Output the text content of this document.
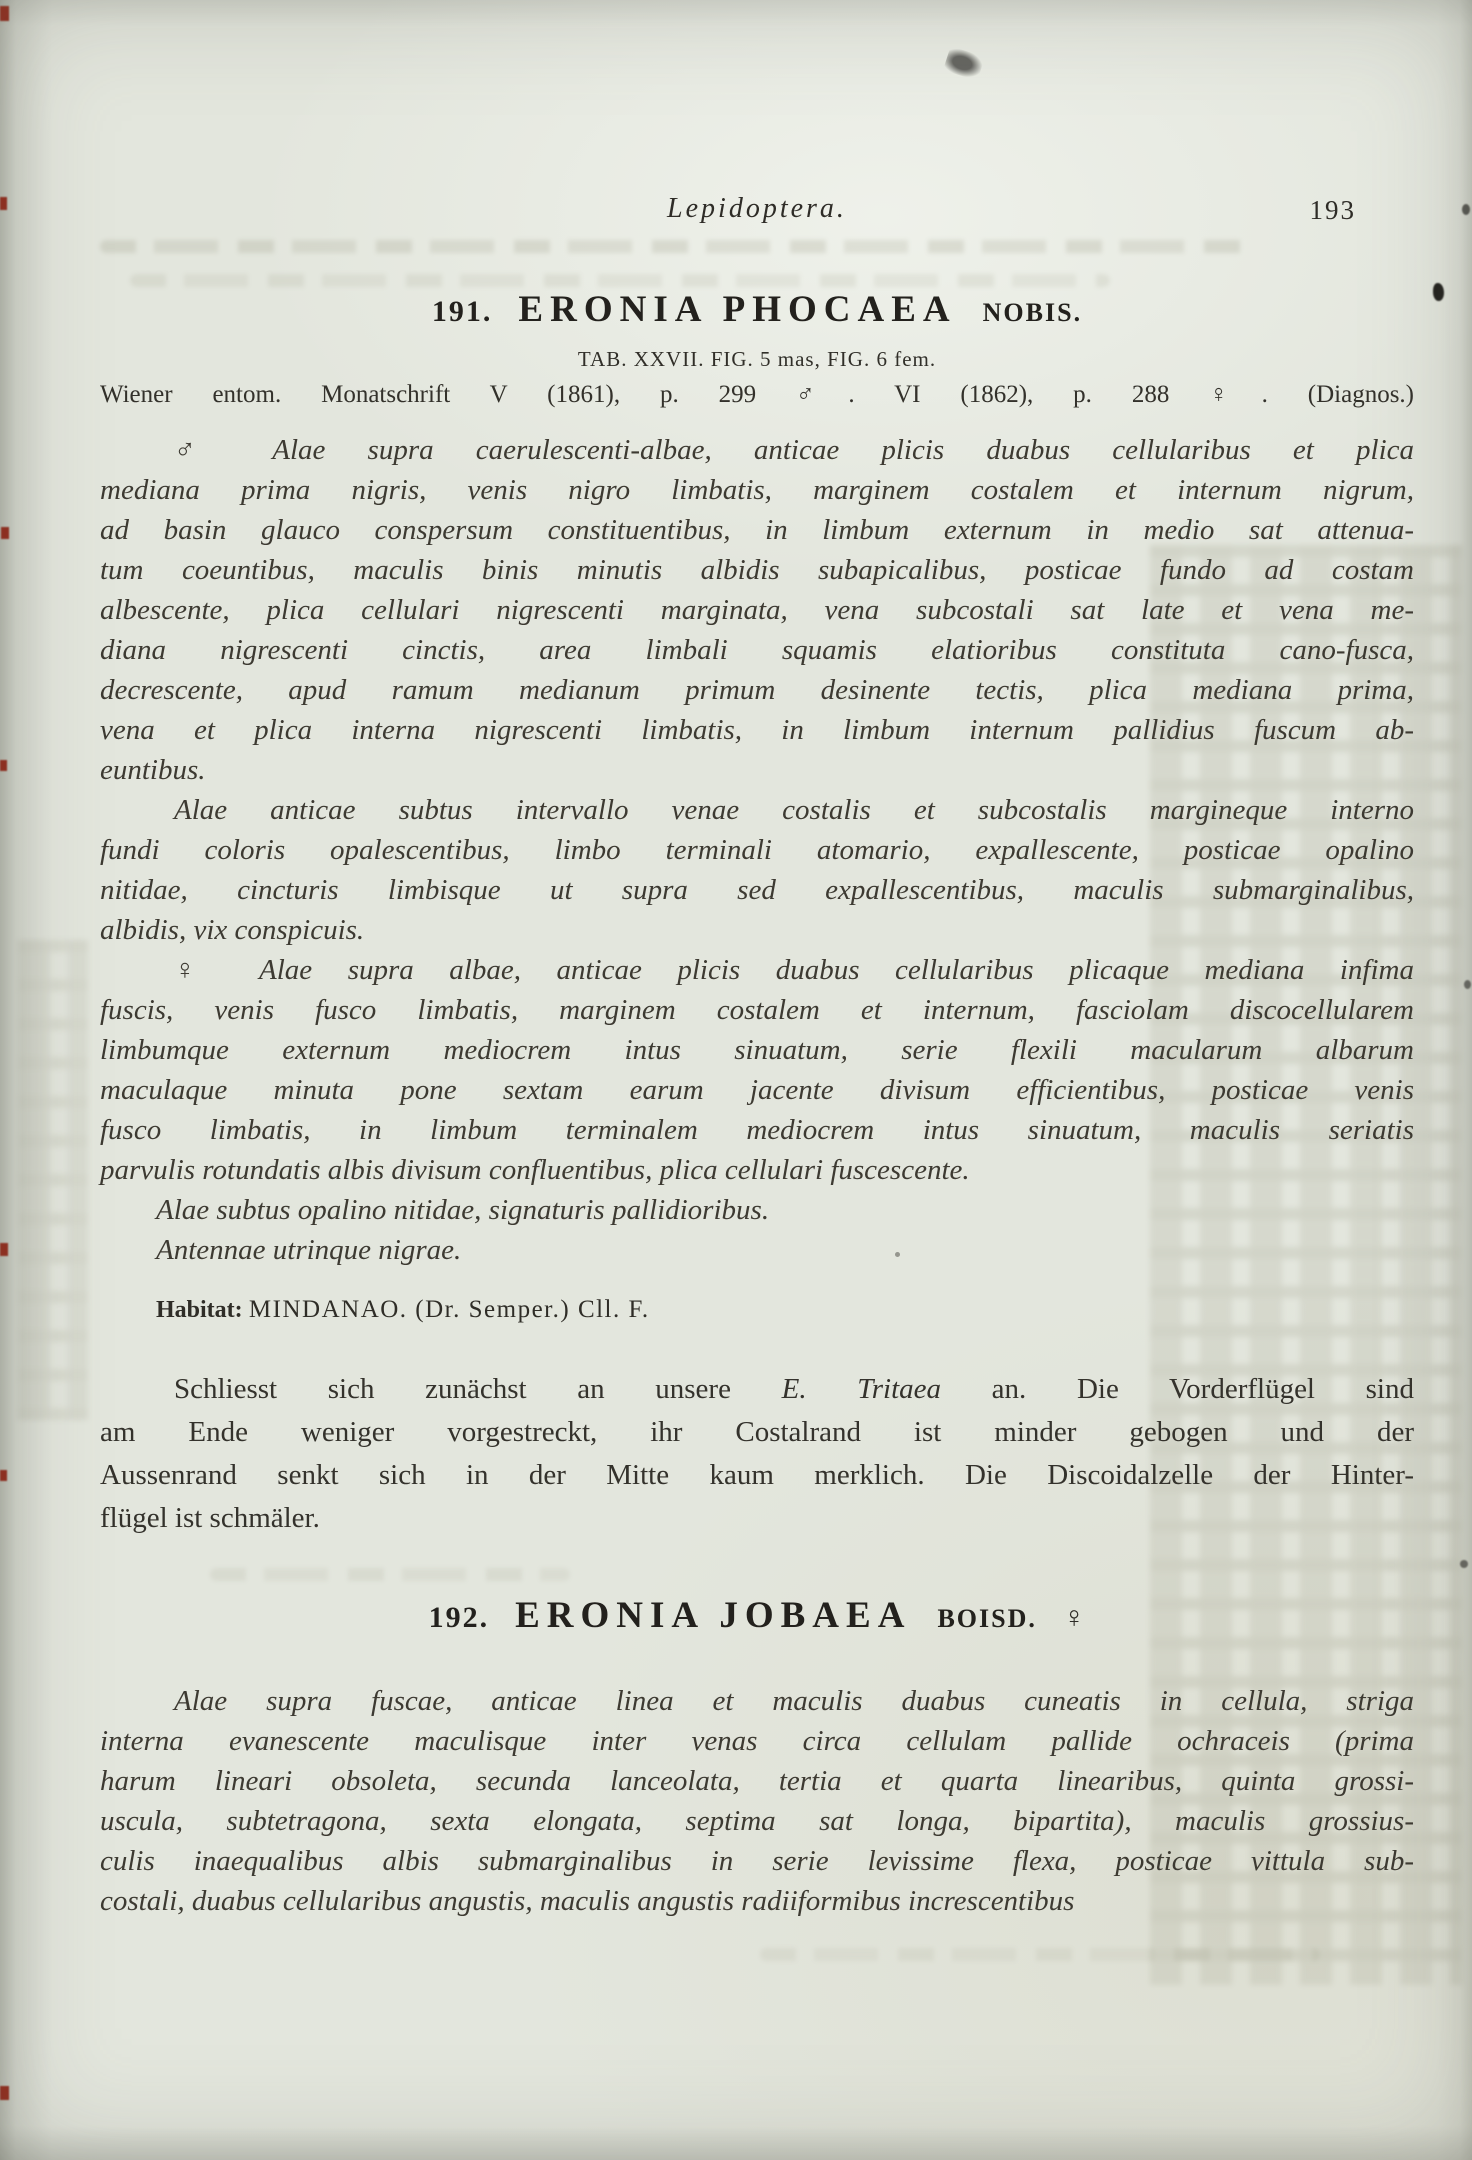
Lepidoptera.	193
191. ERONIA PHOCAEA NOBIS.
TAB. XXVII. FIG. 5 mas, FIG. 6 fem.
Wiener entom. Monatschrift V (1861), p. 299 ♂. VI (1862), p. 288 ♀. (Diagnos.)
♂ Alae supra caerulescenti-albae, anticae plicis duabus cellularibus et plica
mediana prima nigris, venis nigro limbatis, marginem costalem et internum nigrum,
ad basin glauco conspersum constituentibus, in limbum externum in medio sat attenua-
tum coeuntibus, maculis binis minutis albidis subapicalibus, posticae fundo ad costam
albescente, plica cellulari nigrescenti marginata, vena subcostali sat late et vena me-
diana nigrescenti cinctis, area limbali squamis elatioribus constituta cano-fusca,
decrescente, apud ramum medianum primum desinente tectis, plica mediana prima,
vena et plica interna nigrescenti limbatis, in limbum internum pallidius fuscum ab-
euntibus.
Alae anticae subtus intervallo venae costalis et subcostalis margineque interno
fundi coloris opalescentibus, limbo terminali atomario, expallescente, posticae opalino
nitidae, cincturis limbisque ut supra sed expallescentibus, maculis submarginalibus,
albidis, vix conspicuis.
♀ Alae supra albae, anticae plicis duabus cellularibus plicaque mediana infima
fuscis, venis fusco limbatis, marginem costalem et internum, fasciolam discocellularem
limbumque externum mediocrem intus sinuatum, serie flexili macularum albarum
maculaque minuta pone sextam earum jacente divisum efficientibus, posticae venis
fusco limbatis, in limbum terminalem mediocrem intus sinuatum, maculis seriatis
parvulis rotundatis albis divisum confluentibus, plica cellulari fuscescente.
Alae subtus opalino nitidae, signaturis pallidioribus.
Antennae utrinque nigrae.
Habitat: MINDANAO. (Dr. Semper.) Cll. F.
Schliesst sich zunächst an unsere E. Tritaea an. Die Vorderflügel sind
am Ende weniger vorgestreckt, ihr Costalrand ist minder gebogen und der
Aussenrand senkt sich in der Mitte kaum merklich. Die Discoidalzelle der Hinter-
flügel ist schmäler.
192. ERONIA JOBAEA BOISD. ♀
Alae supra fuscae, anticae linea et maculis duabus cuneatis in cellula, striga
interna evanescente maculisque inter venas circa cellulam pallide ochraceis (prima
harum lineari obsoleta, secunda lanceolata, tertia et quarta linearibus, quinta grossi-
uscula, subtetragona, sexta elongata, septima sat longa, bipartita), maculis grossius-
culis inaequalibus albis submarginalibus in serie levissime flexa, posticae vittula sub-
costali, duabus cellularibus angustis, maculis angustis radiiformibus increscentibus
